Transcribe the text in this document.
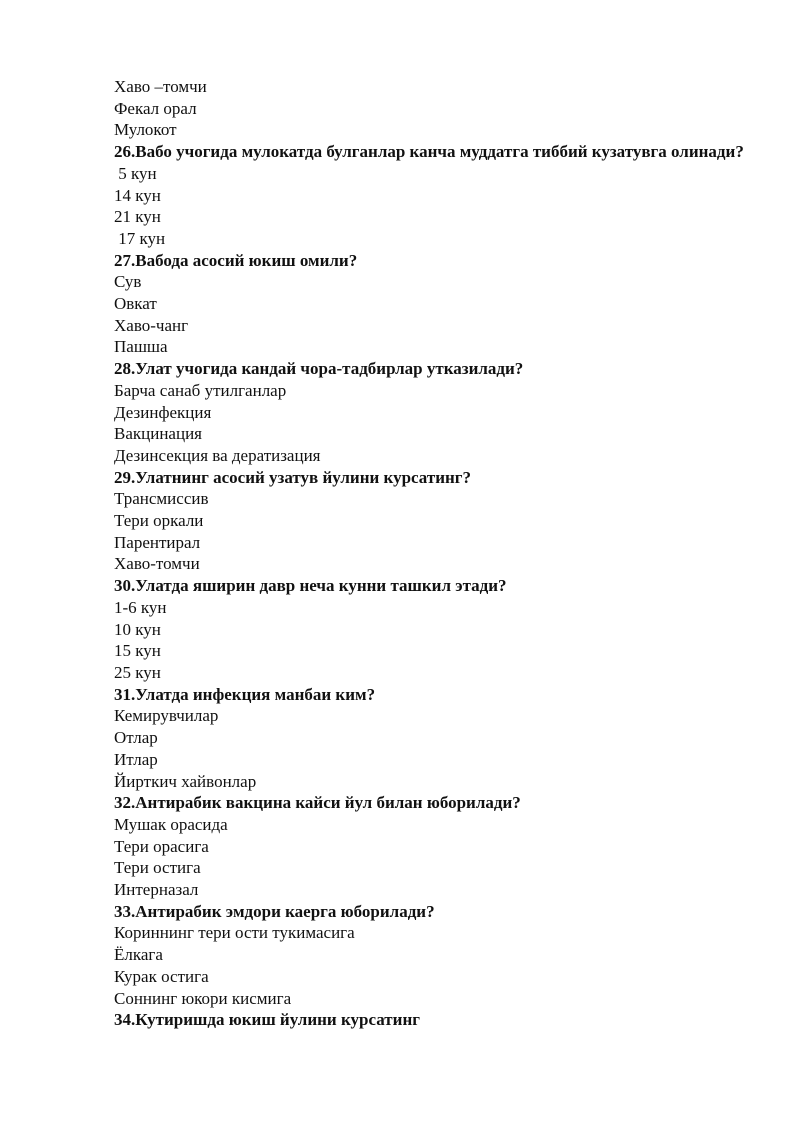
Хаво –томчи

Фекал орал

Мулокот

26.Вабо учогида мулокатда булганлар канча муддатга тиббий кузатувга олинади?

5 кун

14 кун

21 кун

17 кун

27.Вабода асосий юкиш омили?

Сув

Овкат

Хаво-чанг

Пашша

28.Улат учогида кандай чора-тадбирлар утказилади?

Барча санаб утилганлар

Дезинфекция

Вакцинация

Дезинсекция ва дератизация

29.Улатнинг асосий узатув йулини курсатинг?

Трансмиссив

Тери оркали

Парентирал

Хаво-томчи

30.Улатда яширин давр неча кунни ташкил этади?

1-6 кун

10 кун

15 кун

25 кун

31.Улатда инфекция манбаи ким?

Кемирувчилар

Отлар

Итлар

Йирткич хайвонлар

32.Антирабик вакцина кайси йул билан юборилади?

Мушак орасида

Тери орасига

Тери остига

Интерназал

33.Антирабик эмдори каерга юборилади?

Кориннинг тери ости тукимасига

Ёлкага

Курак остига

Соннинг юкори кисмига

34.Кутиришда юкиш йулини курсатинг
